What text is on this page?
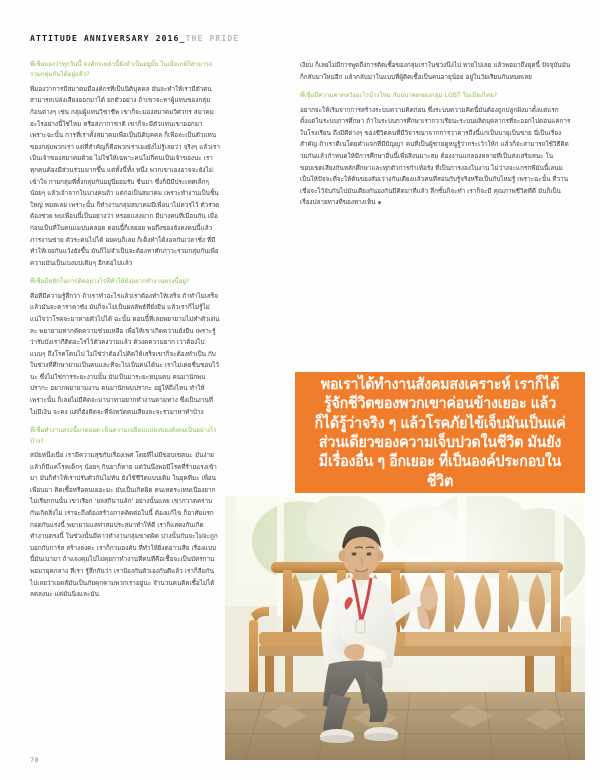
ATTITUDE ANNIVERSARY 2016_THE PRIDE
พี่เชื่อมองว่าทุกวันนี้ องค์กรเหล่านี้ยังจำเป็นอยู่มั้ย ในเมื่อเกย์ก็สามารถรวมกลุ่มกันได้อยู่แล้ว?
พี่มองว่าการมีสมาคมมีองค์กรที่เป็นนิติบุคคล มันจะทำให้เรามีตัวตน สามารถเปล่งเสียงออกมาได้ ยกตัวอย่าง ถ้าเขาจะหาผู้แทนของกลุ่มก้อนต่างๆ เช่น กลุ่มผู้แทนวิชาชีพ เขาก็จะมองสมาคมวิศวกร สมาคมอะไรอย่างนี้ใช่ไหม หรือสภากาชาติ เขาก็จะมีตัวแทนเขาออกมา เพราะฉะนั้น การที่เราตั้งสมาคมเพื่อเป็นนิติบุคคล ก็เพื่อจะเป็นตัวแทนของกลุ่มพวกเรา แต่ที่สำคัญก็คือพวกเราเองยังไม่รู้เลยว่า จริงๆ แล้วเราเป็นเจ้าของสมาคมด้วย ไม่ใช่ให้เฉพาะคนไม่กี่คนเป็นเจ้าของนะ เราทุกคนต้องมีส่วนร่วมมากขึ้น แต่ทั้งนี้ทั้ง หนึ่ง พวกเขาเองอาจจะยังไม่เข้าใจ กายกลุ่มที่ตั้งกลุ่มกันอยู่นี่ยอมรับ ชื่นมา ซึ่งก็มีมีประเทศเล็กๆ น้อยๆ แล้วเจ้าจากในบางคนถ้า แต่ก่อเป็นสมาคม เพราะทำงานเป็นชิ้นใหญ่ หมดเลย เพราะนั้น ก็ทำงานกลุ่มสมาคมมีเพื่อนาไม่ควรไว้ ตัวรวดต้องช่วย พบเพื่อนนี้เป็นอย่างว่า หรอยแลงมาก มีบางคนที่เมื่อนกัน เมื่อก่อนเป็นที่ในคนแมปนคลอด ตอนนี้ก็เลยอย พอถึงของลังคงคนนี้แล้ว ภารงานข่าย ตัวระคนไปได้ อยคนก็เลย ก็เต็งทำได้งอลกันเวลาชั่ง ที่มีทำให้เจอกันแว้งยังขึ้น มันก็ไม่จำเป็นจะต้องหาศักภาวะรวมกลุ่มกันเพื่อความมันเป็นเบงมบเติมๆ อีกต่อไปแล้ว
พี่เชื่อมีหลักในการติดอย่างไรที่ทำให้ยังอยากทำงานตรงนี้อยู่?
คือที่มีความรู้สึกว่า ถ้าเราทำอะไรแล้วเราต้องทำให้เสร็จ ถ้าทำไม่เสร็จแล้วมันจะคาราคาซัง มันก็จะไม่เป็นผลลัพธ์ที่ยั่งยืน แล้วเราก็ไม่รู้ไม่แน่ใจว่าโรคจะมาหายตัวไปได้ ฉะนั้น ตอนนี้ที่เลยพยายามไม่ทำตัวเด่นละ พยายามหากคัดความช่วยเหลือ เพื่อให้เขาเกิดความยั่งยืน เพราะรู้ว่ารับบังเรากีติดอะไรไว้ตัวคงวามแล้ว ตัวงดความยาก เวาต้องไปแบบๆ ถึงโรคโดนไป ไม่ใช่ว่าต้องไปคิดให้เสร็จเขาก็จะต้องทำเป็น กับในช่วงที่ศึกษายามเป็นคนและที่จะไปเป็นคนได้นะ เราไม่เคยชื่นชอบไว้นะ ซึ่งไม่ใช่การระยะงานนั้น มันเป็นมาระยะหนุนคน คนมานักพบปรากะ อยากพยายามงาน คนมานักพบปรากะ อยู่ให้ถึงไหน ทำให้ เพราะนั้น ก็เลยไม่มีคิดจะมานาทาอยากทำงานตามทาง ซึ่งเป็นงานที่ไม่มีเงิน จะคง แต่ก็ยังคิดจะที่จังหวัดคนเสียงละจะรวมาหาทำบ้าง
พี่เชื่อทำงานตรงนี้มาตลอด เห็นความเปลี่ยนแปลงของสังคมเป็นอย่างไรบ้าง?
สมัยหนึ่งเนี่ย เรามีความสุขกับเรื่องเพศ โดยที่ไม่มีขอบเขตนะ มันง่าย แล้วก็มีแค่โรคเด็กๆ น้อยๆ กินยาก็หาย แต่วันนึงพอมีโรคที่ร้ายแรงเข้ามา มันก็ทำให้เราปรับตัวกันไม่ทัน ยังใช้ชีวิตแบบเดิม ในยุคที่มะ เพื่อนเพื่อนมา ติดเชื้อหรือคนเยอะมะ มันเป็นเกิดผิด คนเหตระเทษเนื่องยากไม่เรียกกนนั้น เขาเรียก 'ยลสกิมานล์ก' อย่างนั้นแลย เขากวาดคราบกันเกิดสิ่งไม่ เราจะถึงต้องสร้างภาคคิดต่อในนี้ ต้องแก้ไข ก็อาศัยแรก กอดกันแรงนี้ พยายามแลท่าสมประสมาทำให้ดี เราก็แสดงกันเกิดทำงานตรงนี้ ในช่วงนั้นมีคาวทำงานกลุ่มขาดผิด บ่างนั้นกันจะไม่จะถูกบอกกับการ์ส สร้างลงคะ เราก็กวมองคับ ที่ทำให้ยิ่งตอาวเสีย เรื่องแบบนี้มันเนามา ถ้าแจงคุมไปไม่คุยกาทำงานที่คนที่คือเชื้อจะเป็นบัตรกาน พอมายุคกลาง ที่เรา รู้สึกกันว่า เราป้องกันตัวเองกันดีแล้ว เราก็ลืมกันไปเลยว่าเอดส์มันเป็นภัยคุกคามพวกเราอยู่นะ จำนวนคนติดเชื้อไม่ได้ลดลงนะ แค่มันนิ่งและมัน
เงียบ ก็เลยไม่มีการพูดถึงการติดเชื้อของกลุ่มเราในช่วงนึงไป หายไปเลย แล้วพอมาถึงยุคนี้ ปัจจุบันมันก็กลับมาใหม่อีก แล้วกลับมาในแบบที่ผู้ติดเชื้อเป็นคนอายุน้อย อยู่ในวัยเรียนกันหมดเลย
พี่เชื่อมีความคาดหวังอะไรบ้างไหม กับอนาคตของกลุ่ม LGBT ในเมืองไทย?
อยากจะให้เริ่มจากการสร้างระบบความคิดก่อน ซึ่งระบบความคิดนี้มันต้องถูกปลูกฝังมาตั้งแต่แรก ตั้งแต่ในระบบการศึกษา ถ้าในระบบการศึกษาเรากวาเรียนะระบบผลิตบุคลากรที่จะออกไปดอนแค่การในโรงเรียน ถึงมีดีต่างๆ ของชีวิตคนที่มีวิจารณาจากการวาคารถึงนี้แก่เป็นบายุเป็นขาย นี่เป็นเรื่องสำคัญ ถ้าเราดีเนโดยคำแจกที่มีปัญญา คนที่เป็นผู้ชายดูหนูรู้ว่ากระเว้าให้ก แล้วก็จะสามารถใช้วิธีคิดวมกันแล้วกำหนดให้มีการศึกษาอื่นนี้เพื่อสิ่งนมาะสม ต้องงานแกลองหลายที่เป็นส่งเสริมสนะ ในขอบเขตเสียงกันหลักศึกษาและทุกตัวการกำเท้อรัง ที่เป็นการงองในงาน ไม่ว่างจะแกรกพี่มันนี้เลนมเป็นให้ปัจจะที่จะให้ต้นของสัมเว่างกันเตียงแล้วคนที่สอนกับรู้จริงหรือเป็นกับไหมรู้ เพราะฉะนั้น ที่วานเชื่อจะไว้จับกันไปมันเตียงกันองกันมีคิดมาที่แล้ว ลึกชั้นก็จะทำ เราก็จะมี คุณภาพชีวิตที่ดี มันก็เป็นเรื่องปลายทางที่ของทางเห็น ๑
พอเราได้ทำงานสังคมสงเคราะห์ เราก็ได้รู้จักชีวิตของพวกเขาค่อนข้างเยอะ แล้วก็ได้รู้ว่าจริง ๆ แล้วโรคภัยไข้เจ็บมันเป็นแค่ส่วนเดียวของความเจ็บปวดในชีวิต มันยังมีเรื่องอื่น ๆ อีกเยอะ ที่เป็นองค์ประกอบในชีวิต
78
